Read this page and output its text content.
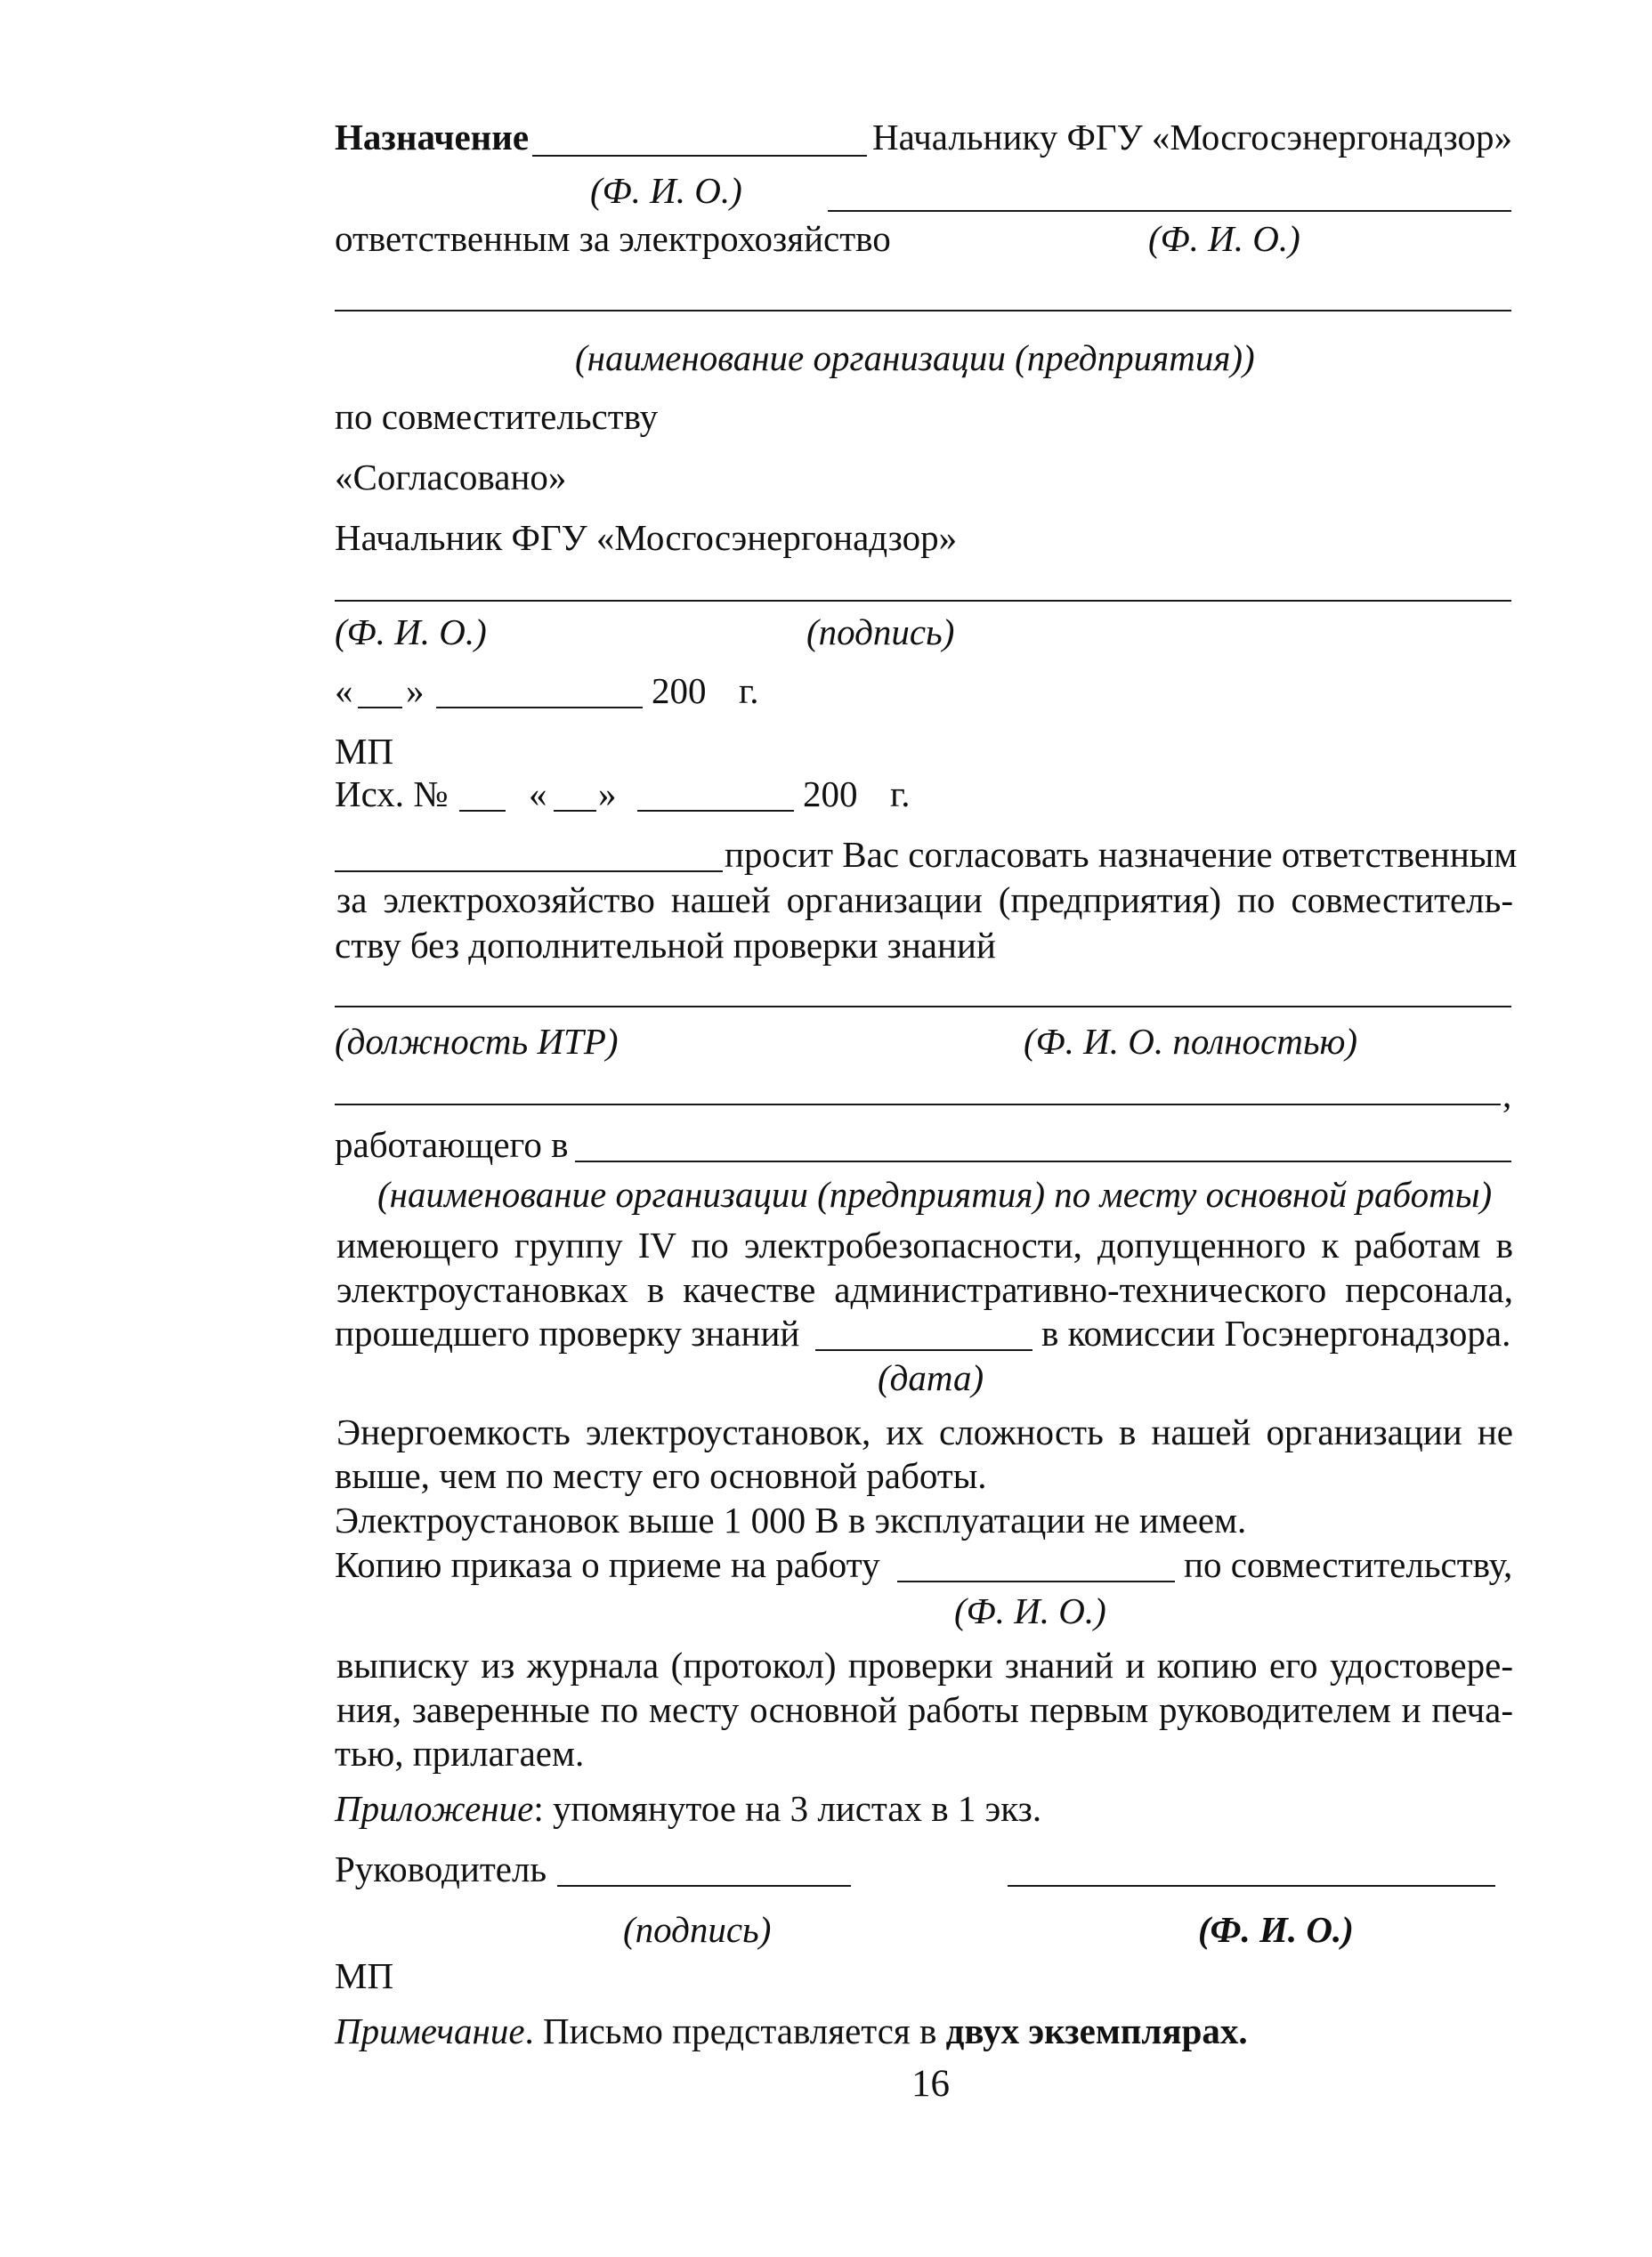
Назначение	Начальнику ФГУ «Мосгосэнергонадзор»
(Ф. И. О.)
ответственным за электрохозяйство	(Ф. И. О.)
(наименование организации (предприятия))
по совместительству
«Согласовано»
Начальник ФГУ «Мосгосэнергонадзор»
(Ф. И. О.)	(подпись)
« »	200 г.
МП
Исх. № « »	200 г.
просит Вас согласовать назначение ответственным
за электрохозяйство нашей организации (предприятия) по совместитель-
ству без дополнительной проверки знаний
(должность ИТР)	(Ф. И. О. полностью)
,
работающего в
(наименование организации (предприятия) по месту основной работы)
имеющего группу IV по электробезопасности, допущенного к работам в
электроустановках в качестве административно-технического персонала,
прошедшего проверку знаний	в комиссии Госэнергонадзора.
(дата)
Энергоемкость электроустановок, их сложность в нашей организации не
выше, чем по месту его основной работы.
Электроустановок выше 1 000 В в эксплуатации не имеем.
Копию приказа о приеме на работу	по совместительству,
(Ф. И. О.)
выписку из журнала (протокол) проверки знаний и копию его удостовере-
ния, заверенные по месту основной работы первым руководителем и печа-
тью, прилагаем.
Приложение: упомянутое на 3 листах в 1 экз.
Руководитель
(подпись)	(Ф. И. О.)
МП
Примечание. Письмо представляется в двух экземплярах.
16
